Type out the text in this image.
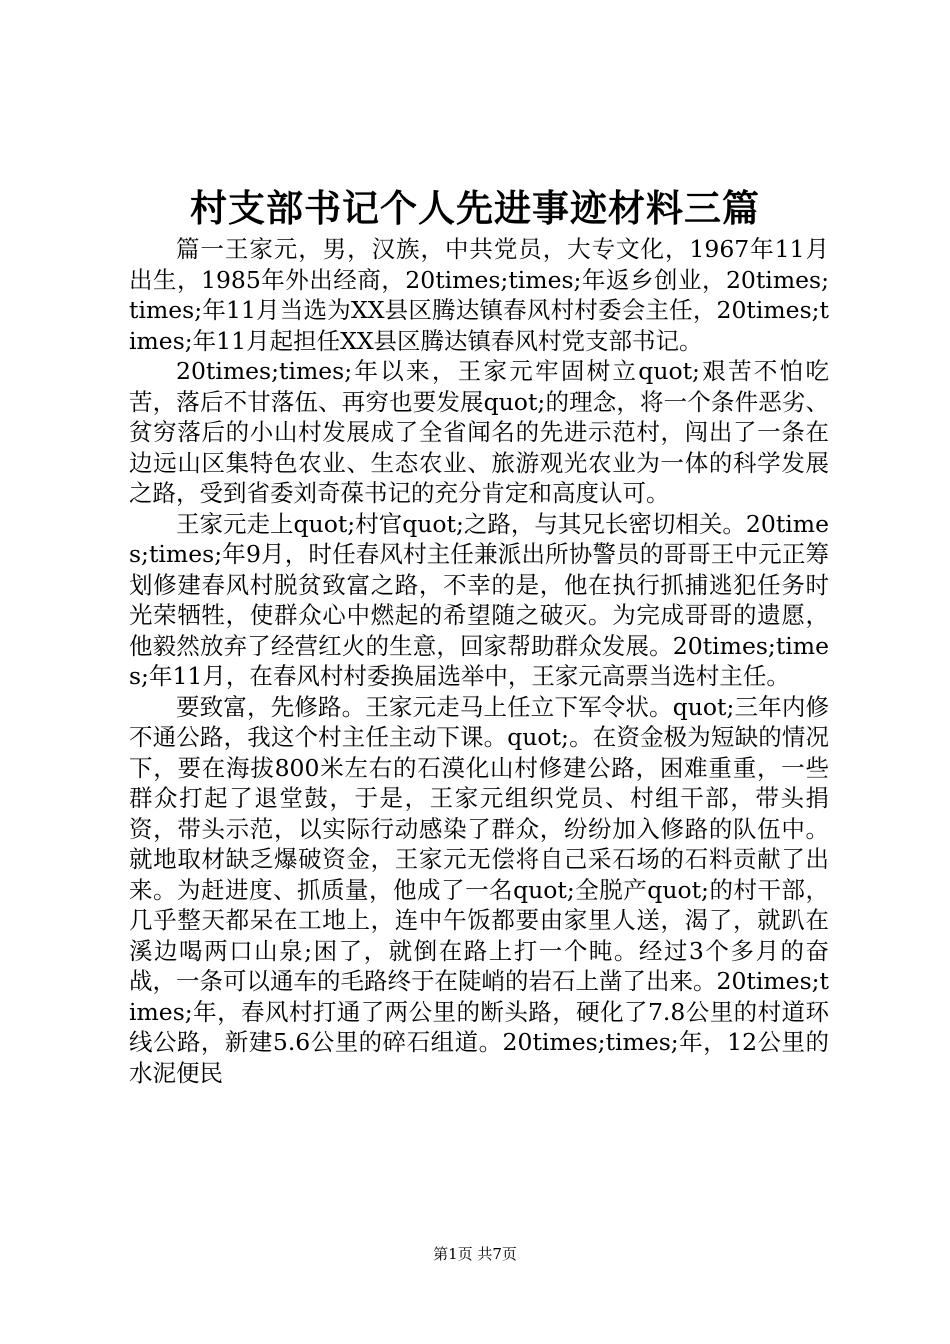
村支部书记个人先进事迹材料三篇

篇一王家元，男，汉族，中共党员，大专文化，1967年11月出生，1985年外出经商，20times;times;年返乡创业，20times;times;年11月当选为XX县区腾达镇春风村村委会主任，20times;times;年11月起担任XX县区腾达镇春风村党支部书记。

20times;times;年以来，王家元牢固树立quot;艰苦不怕吃苦，落后不甘落伍、再穷也要发展quot;的理念，将一个条件恶劣、贫穷落后的小山村发展成了全省闻名的先进示范村，闯出了一条在边远山区集特色农业、生态农业、旅游观光农业为一体的科学发展之路，受到省委刘奇葆书记的充分肯定和高度认可。

王家元走上quot;村官quot;之路，与其兄长密切相关。20times;times;年9月，时任春风村主任兼派出所协警员的哥哥王中元正筹划修建春风村脱贫致富之路，不幸的是，他在执行抓捕逃犯任务时光荣牺牲，使群众心中燃起的希望随之破灭。为完成哥哥的遗愿，他毅然放弃了经营红火的生意，回家帮助群众发展。20times;times;年11月，在春风村村委换届选举中，王家元高票当选村主任。

要致富，先修路。王家元走马上任立下军令状。quot;三年内修不通公路，我这个村主任主动下课。quot;。在资金极为短缺的情况下，要在海拔800米左右的石漠化山村修建公路，困难重重，一些群众打起了退堂鼓，于是，王家元组织党员、村组干部，带头捐资，带头示范，以实际行动感染了群众，纷纷加入修路的队伍中。就地取材缺乏爆破资金，王家元无偿将自己采石场的石料贡献了出来。为赶进度、抓质量，他成了一名quot;全脱产quot;的村干部，几乎整天都呆在工地上，连中午饭都要由家里人送，渴了，就趴在溪边喝两口山泉;困了，就倒在路上打一个盹。经过3个多月的奋战，一条可以通车的毛路终于在陡峭的岩石上凿了出来。20times;times;年，春风村打通了两公里的断头路，硬化了7.8公里的村道环线公路，新建5.6公里的碎石组道。20times;times;年，12公里的水泥便民

第1页 共7页
